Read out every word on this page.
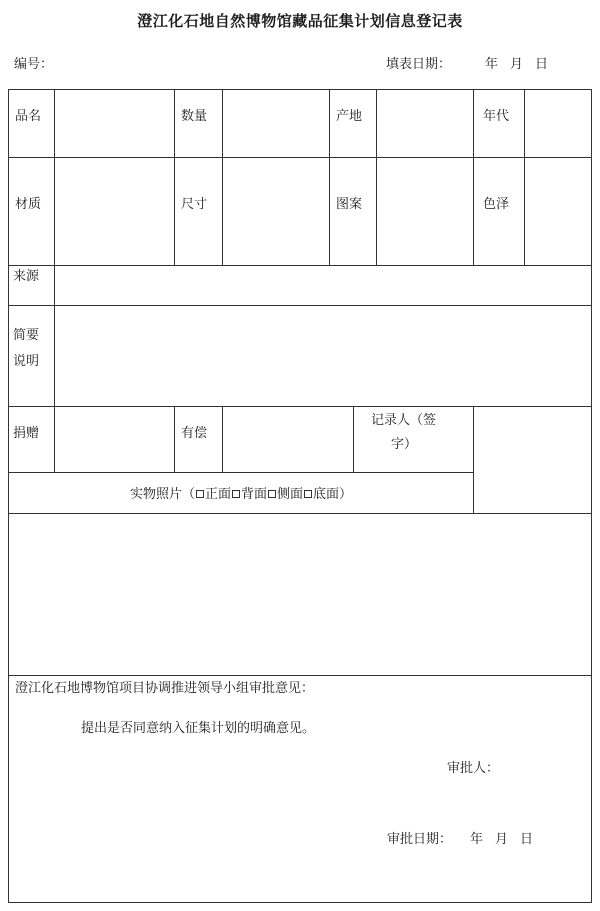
澄江化石地自然博物馆藏品征集计划信息登记表
编号：	填表日期：	年 月 日
品名	数量	产地	年代
材质	尺寸	图案	色泽
来源
简要
说明
捐赠	有偿
记录人（签
字）
实物照片（ 正面 背面 侧面 底面）
澄江化石地博物馆项目协调推进领导小组审批意见：
提出是否同意纳入征集计划的明确意见。
审批人：
审批日期： 年 月 日
